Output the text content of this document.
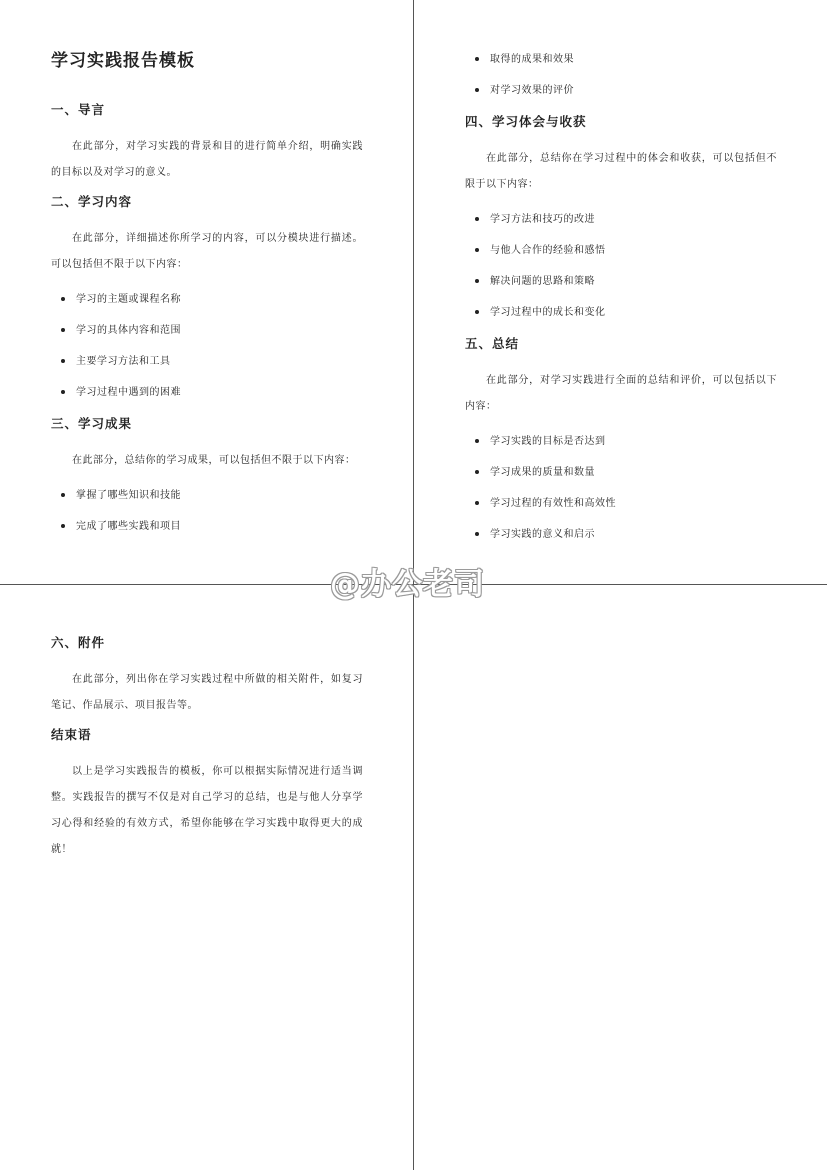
学习实践报告模板
一、导言

在此部分，对学习实践的背景和目的进行简单介绍，明确实践的目标以及对学习的意义。

二、学习内容

在此部分，详细描述你所学习的内容，可以分模块进行描述。可以包括但不限于以下内容：

学习的主题或课程名称
学习的具体内容和范围
主要学习方法和工具
学习过程中遇到的困难
三、学习成果

在此部分，总结你的学习成果，可以包括但不限于以下内容：

掌握了哪些知识和技能
完成了哪些实践和项目
取得的成果和效果
对学习效果的评价
四、学习体会与收获

在此部分，总结你在学习过程中的体会和收获，可以包括但不限于以下内容：

学习方法和技巧的改进
与他人合作的经验和感悟
解决问题的思路和策略
学习过程中的成长和变化
五、总结

在此部分，对学习实践进行全面的总结和评价，可以包括以下内容：

学习实践的目标是否达到
学习成果的质量和数量
学习过程的有效性和高效性
学习实践的意义和启示
六、附件

在此部分，列出你在学习实践过程中所做的相关附件，如复习笔记、作品展示、项目报告等。

结束语

以上是学习实践报告的模板，你可以根据实际情况进行适当调整。实践报告的撰写不仅是对自己学习的总结，也是与他人分享学习心得和经验的有效方式，希望你能够在学习实践中取得更大的成就！

@办公老司
